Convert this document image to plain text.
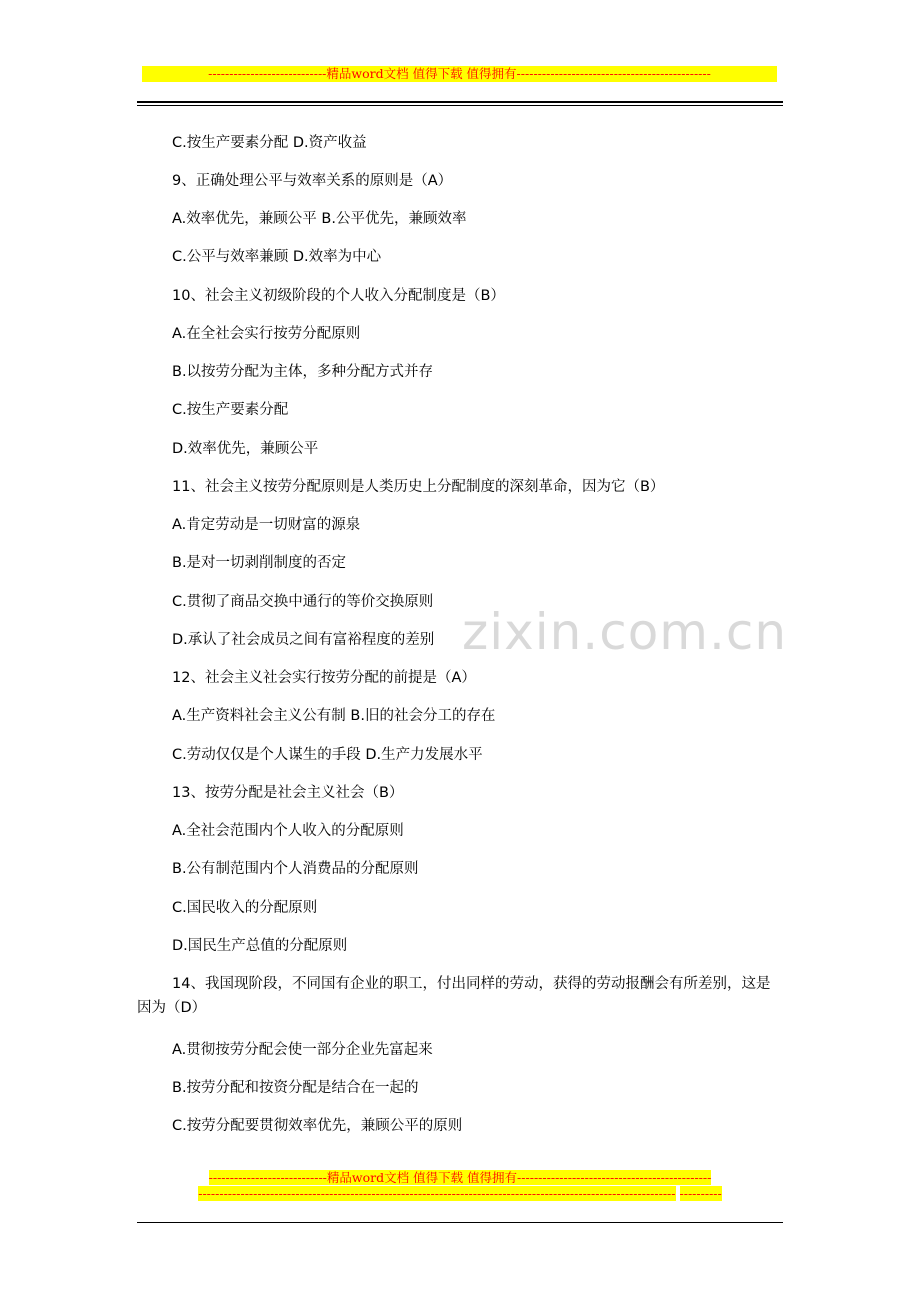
----------------------------精品word文档 值得下载 值得拥有----------------------------------------------
zixin.com.cn
C.按生产要素分配 D.资产收益
9、正确处理公平与效率关系的原则是（A）
A.效率优先，兼顾公平 B.公平优先，兼顾效率
C.公平与效率兼顾 D.效率为中心
10、社会主义初级阶段的个人收入分配制度是（B）
A.在全社会实行按劳分配原则
B.以按劳分配为主体，多种分配方式并存
C.按生产要素分配
D.效率优先，兼顾公平
11、社会主义按劳分配原则是人类历史上分配制度的深刻革命，因为它（B）
A.肯定劳动是一切财富的源泉
B.是对一切剥削制度的否定
C.贯彻了商品交换中通行的等价交换原则
D.承认了社会成员之间有富裕程度的差别
12、社会主义社会实行按劳分配的前提是（A）
A.生产资料社会主义公有制 B.旧的社会分工的存在
C.劳动仅仅是个人谋生的手段 D.生产力发展水平
13、按劳分配是社会主义社会（B）
A.全社会范围内个人收入的分配原则
B.公有制范围内个人消费品的分配原则
C.国民收入的分配原则
D.国民生产总值的分配原则
14、我国现阶段，不同国有企业的职工，付出同样的劳动，获得的劳动报酬会有所差别，这是因为（D）
A.贯彻按劳分配会使一部分企业先富起来
B.按劳分配和按资分配是结合在一起的
C.按劳分配要贯彻效率优先，兼顾公平的原则
----------------------------精品word文档 值得下载 值得拥有---------------------------------------------- ----------------------------------------------------------------------------------------------------------------- ----------
